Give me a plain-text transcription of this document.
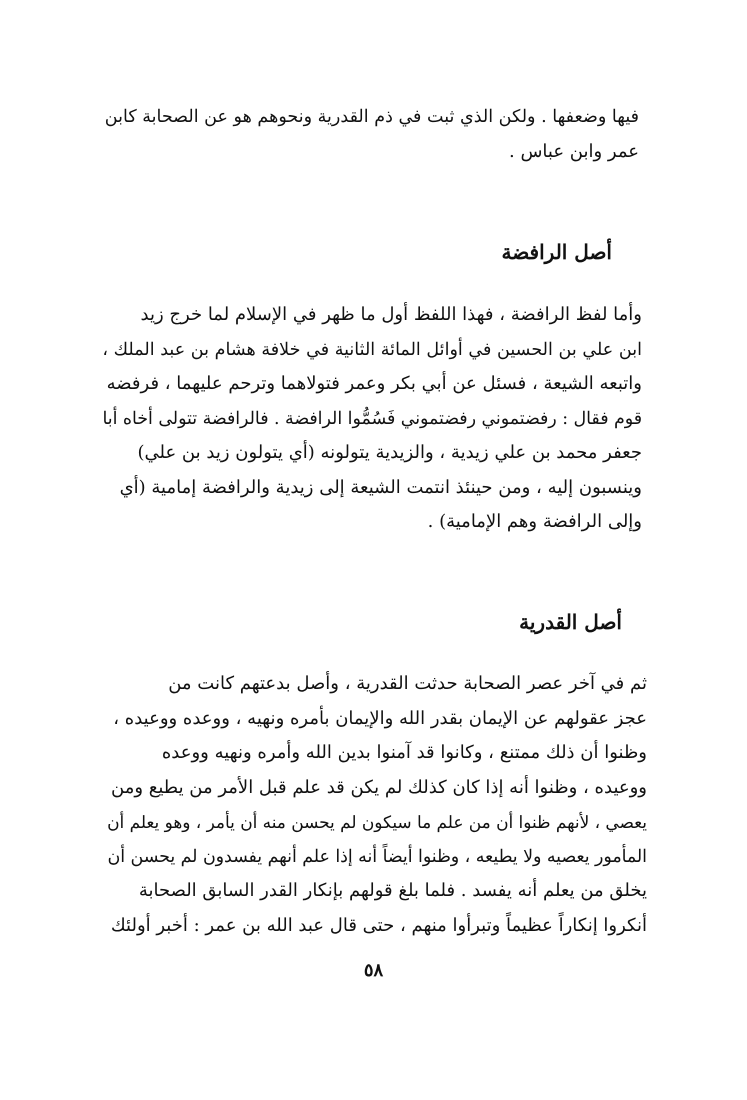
فيها وضعفها . ولكن الذي ثبت في ذم القدرية ونحوهم هو عن الصحابة كابن
عمر وابن عباس .
أصل الرافضة
وأما لفظ الرافضة ، فهذا اللفظ أول ما ظهر في الإسلام لما خرج زيد
ابن علي بن الحسين في أوائل المائة الثانية في خلافة هشام بن عبد الملك ،
واتبعه الشيعة ، فسئل عن أبي بكر وعمر فتولاهما وترحم عليهما ، فرفضه
قوم فقال : رفضتموني رفضتموني فَسُمُّوا الرافضة . فالرافضة تتولى أخاه أبا
جعفر محمد بن علي زيدية ، والزيدية يتولونه (أي يتولون زيد بن علي)
وينسبون إليه ، ومن حينئذ انتمت الشيعة إلى زيدية والرافضة إمامية (أي
وإلى الرافضة وهم الإمامية) .
أصل القدرية
ثم في آخر عصر الصحابة حدثت القدرية ، وأصل بدعتهم كانت من
عجز عقولهم عن الإيمان بقدر الله والإيمان بأمره ونهيه ، ووعده ووعيده ،
وظنوا أن ذلك ممتنع ، وكانوا قد آمنوا بدين الله وأمره ونهيه ووعده
ووعيده ، وظنوا أنه إذا كان كذلك لم يكن قد علم قبل الأمر من يطيع ومن
يعصي ، لأنهم ظنوا أن من علم ما سيكون لم يحسن منه أن يأمر ، وهو يعلم أن
المأمور يعصيه ولا يطيعه ، وظنوا أيضاً أنه إذا علم أنهم يفسدون لم يحسن أن
يخلق من يعلم أنه يفسد . فلما بلغ قولهم بإنكار القدر السابق الصحابة
أنكروا إنكاراً عظيماً وتبرأوا منهم ، حتى قال عبد الله بن عمر : أخبر أولئك
٥٨
